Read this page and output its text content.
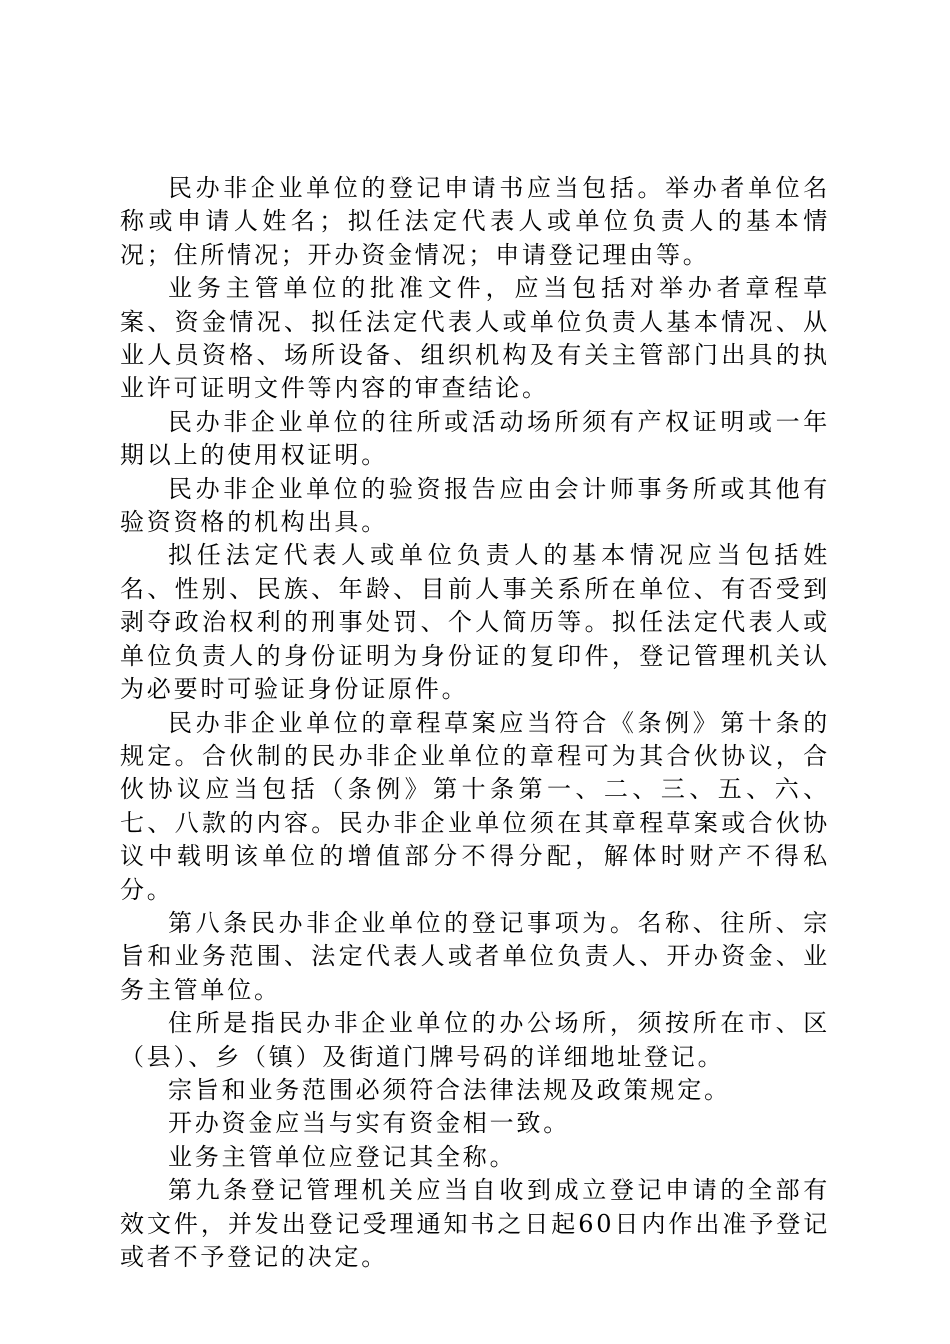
民办非企业单位的登记申请书应当包括。举办者单位名称或申请人姓名；拟任法定代表人或单位负责人的基本情况；住所情况；开办资金情况；申请登记理由等。

业务主管单位的批准文件，应当包括对举办者章程草案、资金情况、拟任法定代表人或单位负责人基本情况、从业人员资格、场所设备、组织机构及有关主管部门出具的执业许可证明文件等内容的审查结论。

民办非企业单位的往所或活动场所须有产权证明或一年期以上的使用权证明。

民办非企业单位的验资报告应由会计师事务所或其他有验资资格的机构出具。

拟任法定代表人或单位负责人的基本情况应当包括姓名、性别、民族、年龄、目前人事关系所在单位、有否受到剥夺政治权利的刑事处罚、个人简历等。拟任法定代表人或单位负责人的身份证明为身份证的复印件，登记管理机关认为必要时可验证身份证原件。

民办非企业单位的章程草案应当符合《条例》第十条的规定。合伙制的民办非企业单位的章程可为其合伙协议，合伙协议应当包括（条例》第十条第一、二、三、五、六、七、八款的内容。民办非企业单位须在其章程草案或合伙协议中载明该单位的增值部分不得分配，解体时财产不得私分。

第八条民办非企业单位的登记事项为。名称、往所、宗旨和业务范围、法定代表人或者单位负责人、开办资金、业务主管单位。

住所是指民办非企业单位的办公场所，须按所在市、区（县）、乡（镇）及街道门牌号码的详细地址登记。

宗旨和业务范围必须符合法律法规及政策规定。

开办资金应当与实有资金相一致。

业务主管单位应登记其全称。

第九条登记管理机关应当自收到成立登记申请的全部有效文件，并发出登记受理通知书之日起60日内作出准予登记或者不予登记的决定。
